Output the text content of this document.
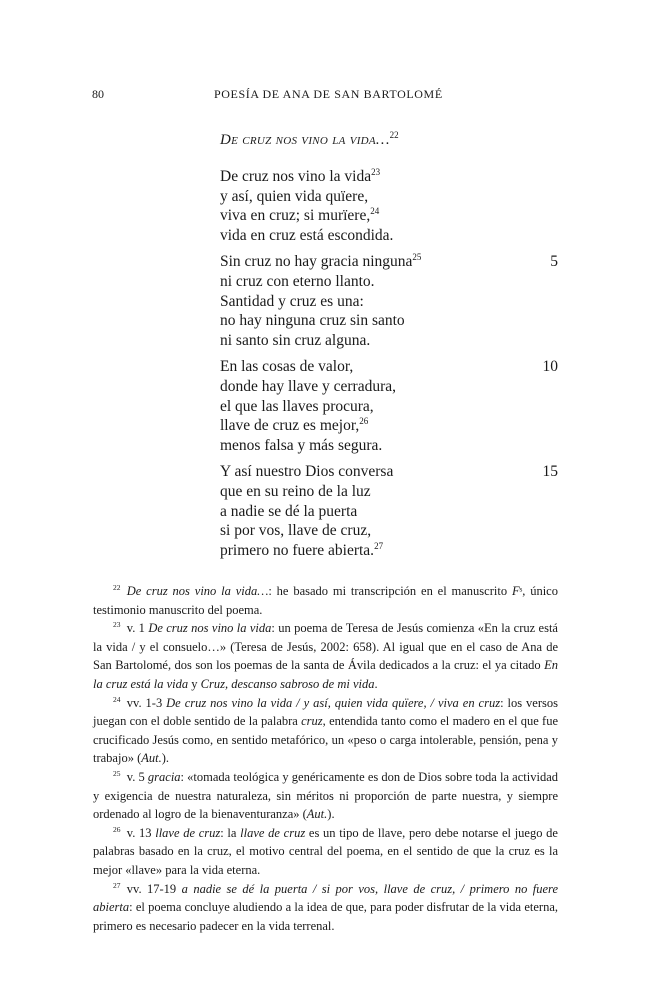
80	POESÍA DE ANA DE SAN BARTOLOMÉ
De cruz nos vino la vida…$^{22}$
De cruz nos vino la vida$^{23}$
y así, quien vida quïere,
viva en cruz; si murïere,$^{24}$
vida en cruz está escondida.
Sin cruz no hay gracia ninguna$^{25}$	5
ni cruz con eterno llanto.
Santidad y cruz es una:
no hay ninguna cruz sin santo
ni santo sin cruz alguna.
En las cosas de valor,	10
donde hay llave y cerradura,
el que las llaves procura,
llave de cruz es mejor,$^{26}$
menos falsa y más segura.
Y así nuestro Dios conversa	15
que en su reino de la luz
a nadie se dé la puerta
si por vos, llave de cruz,
primero no fuere abierta.$^{27}$
$^{22}$  De cruz nos vino la vida…: he basado mi transcripción en el manuscrito Fˢ, único testimonio manuscrito del poema.
$^{23}$  v. 1 De cruz nos vino la vida: un poema de Teresa de Jesús comienza «En la cruz está la vida / y el consuelo…» (Teresa de Jesús, 2002: 658). Al igual que en el caso de Ana de San Bartolomé, dos son los poemas de la santa de Ávila dedicados a la cruz: el ya citado En la cruz está la vida y Cruz, descanso sabroso de mi vida.
$^{24}$  vv. 1-3 De cruz nos vino la vida / y así, quien vida quïere, / viva en cruz: los versos juegan con el doble sentido de la palabra cruz, entendida tanto como el madero en el que fue crucificado Jesús como, en sentido metafórico, un «peso o carga intolerable, pensión, pena y trabajo» (Aut.).
$^{25}$  v. 5 gracia: «tomada teológica y genéricamente es don de Dios sobre toda la actividad y exigencia de nuestra naturaleza, sin méritos ni proporción de parte nuestra, y siempre ordenado al logro de la bienaventuranza» (Aut.).
$^{26}$  v. 13 llave de cruz: la llave de cruz es un tipo de llave, pero debe notarse el juego de palabras basado en la cruz, el motivo central del poema, en el sentido de que la cruz es la mejor «llave» para la vida eterna.
$^{27}$  vv. 17-19 a nadie se dé la puerta / si por vos, llave de cruz, / primero no fuere abierta: el poema concluye aludiendo a la idea de que, para poder disfrutar de la vida eterna, primero es necesario padecer en la vida terrenal.
